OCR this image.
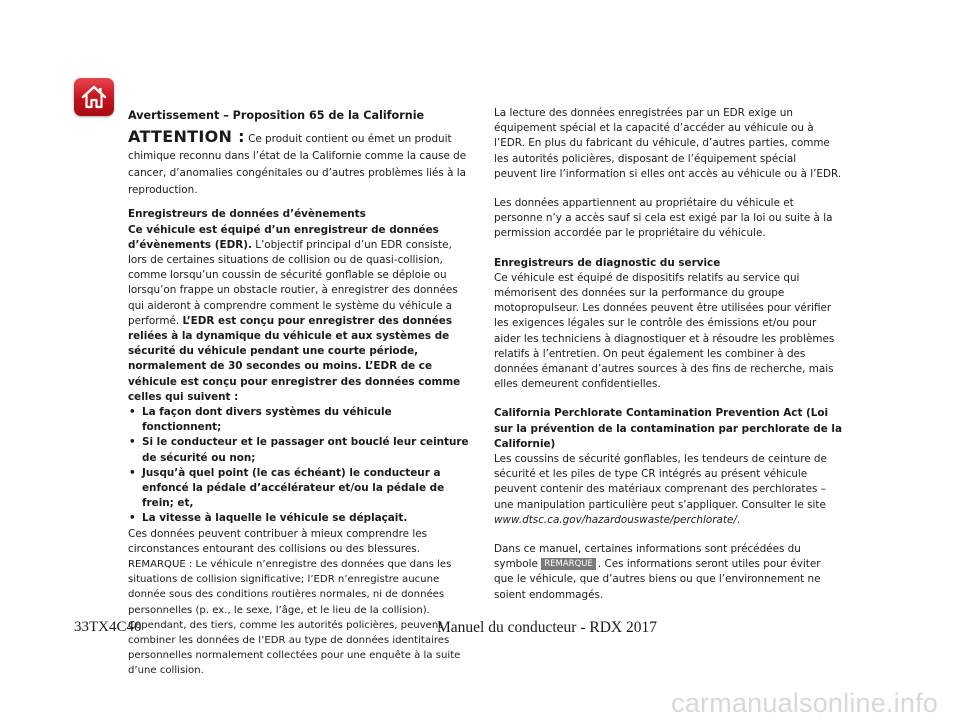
Avertissement – Proposition 65 de la Californie

ATTENTION : Ce produit contient ou émet un produit chimique reconnu dans l’état de la Californie comme la cause de cancer, d’anomalies congénitales ou d’autres problèmes liés à la reproduction.

Enregistreurs de données d’évènements

Ce véhicule est équipé d’un enregistreur de données d’évènements (EDR). L’objectif principal d’un EDR consiste, lors de certaines situations de collision ou de quasi-collision, comme lorsqu’un coussin de sécurité gonflable se déploie ou lorsqu’on frappe un obstacle routier, à enregistrer des données qui aideront à comprendre comment le système du véhicule a performé. L’EDR est conçu pour enregistrer des données reliées à la dynamique du véhicule et aux systèmes de sécurité du véhicule pendant une courte période, normalement de 30 secondes ou moins. L’EDR de ce véhicule est conçu pour enregistrer des données comme celles qui suivent :

• La façon dont divers systèmes du véhicule fonctionnent;
• Si le conducteur et le passager ont bouclé leur ceinture de sécurité ou non;
• Jusqu’à quel point (le cas échéant) le conducteur a enfoncé la pédale d’accélérateur et/ou la pédale de frein; et,
• La vitesse à laquelle le véhicule se déplaçait.

Ces données peuvent contribuer à mieux comprendre les circonstances entourant des collisions ou des blessures.

REMARQUE : Le véhicule n’enregistre des données que dans les situations de collision significative; l’EDR n’enregistre aucune donnée sous des conditions routières normales, ni de données personnelles (p. ex., le sexe, l’âge, et le lieu de la collision). Cependant, des tiers, comme les autorités policières, peuvent combiner les données de l’EDR au type de données identitaires personnelles normalement collectées pour une enquête à la suite d’une collision.

La lecture des données enregistrées par un EDR exige un équipement spécial et la capacité d’accéder au véhicule ou à l’EDR. En plus du fabricant du véhicule, d’autres parties, comme les autorités policières, disposant de l’équipement spécial peuvent lire l’information si elles ont accès au véhicule ou à l’EDR.

Les données appartiennent au propriétaire du véhicule et personne n’y a accès sauf si cela est exigé par la loi ou suite à la permission accordée par le propriétaire du véhicule.

Enregistreurs de diagnostic du service

Ce véhicule est équipé de dispositifs relatifs au service qui mémorisent des données sur la performance du groupe motopropulseur. Les données peuvent être utilisées pour vérifier les exigences légales sur le contrôle des émissions et/ou pour aider les techniciens à diagnostiquer et à résoudre les problèmes relatifs à l’entretien. On peut également les combiner à des données émanant d’autres sources à des fins de recherche, mais elles demeurent confidentielles.

California Perchlorate Contamination Prevention Act (Loi sur la prévention de la contamination par perchlorate de la Californie)

Les coussins de sécurité gonflables, les tendeurs de ceinture de sécurité et les piles de type CR intégrés au présent véhicule peuvent contenir des matériaux comprenant des perchlorates – une manipulation particulière peut s’appliquer. Consulter le site www.dtsc.ca.gov/hazardouswaste/perchlorate/.

Dans ce manuel, certaines informations sont précédées du symbole REMARQUE . Ces informations seront utiles pour éviter que le véhicule, que d’autres biens ou que l’environnement ne soient endommagés.

33TX4C40	Manuel du conducteur - RDX 2017
carmanualsonline.info
